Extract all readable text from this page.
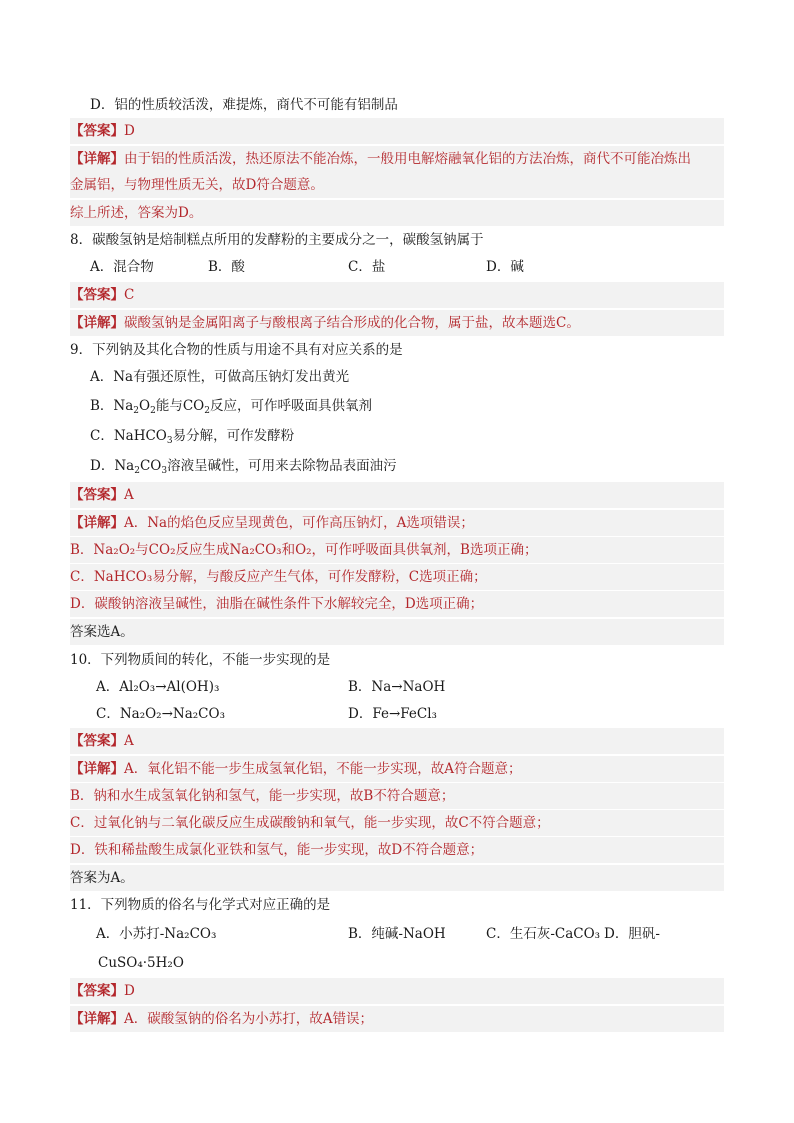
D．铝的性质较活泼，难提炼，商代不可能有铝制品
【答案】D
【详解】由于铝的性质活泼，热还原法不能冶炼，一般用电解熔融氧化铝的方法冶炼，商代不可能冶炼出
金属铝，与物理性质无关，故D符合题意。
综上所述，答案为D。
8．碳酸氢钠是焙制糕点所用的发酵粉的主要成分之一，碳酸氢钠属于
A．混合物	B．酸	C．盐	D．碱
【答案】C
【详解】碳酸氢钠是金属阳离子与酸根离子结合形成的化合物，属于盐，故本题选C。
9．下列钠及其化合物的性质与用途不具有对应关系的是
A．Na有强还原性，可做高压钠灯发出黄光
B．$Na_2O_2$能与$CO_2$反应，可作呼吸面具供氧剂
C．NaHCO$_3$易分解，可作发酵粉
D．$Na_2CO_3$溶液呈碱性，可用来去除物品表面油污
【答案】A
【详解】A．Na的焰色反应呈现黄色，可作高压钠灯，A选项错误；
B．Na₂O₂与CO₂反应生成Na₂CO₃和O₂，可作呼吸面具供氧剂，B选项正确；
C．NaHCO₃易分解，与酸反应产生气体，可作发酵粉，C选项正确；
D．碳酸钠溶液呈碱性，油脂在碱性条件下水解较完全，D选项正确；
答案选A。
10．下列物质间的转化，不能一步实现的是
A．Al₂O₃→Al(OH)₃	B．Na→NaOH
C．Na₂O₂→Na₂CO₃	D．Fe→FeCl₃
【答案】A
【详解】A．氧化铝不能一步生成氢氧化铝，不能一步实现，故A符合题意；
B．钠和水生成氢氧化钠和氢气，能一步实现，故B不符合题意；
C．过氧化钠与二氧化碳反应生成碳酸钠和氧气，能一步实现，故C不符合题意；
D．铁和稀盐酸生成氯化亚铁和氢气，能一步实现，故D不符合题意；
答案为A。
11．下列物质的俗名与化学式对应正确的是
A．小苏打-Na₂CO₃	B．纯碱-NaOH	C．生石灰-CaCO₃ D．胆矾-
CuSO₄·5H₂O
【答案】D
【详解】A．碳酸氢钠的俗名为小苏打，故A错误；
